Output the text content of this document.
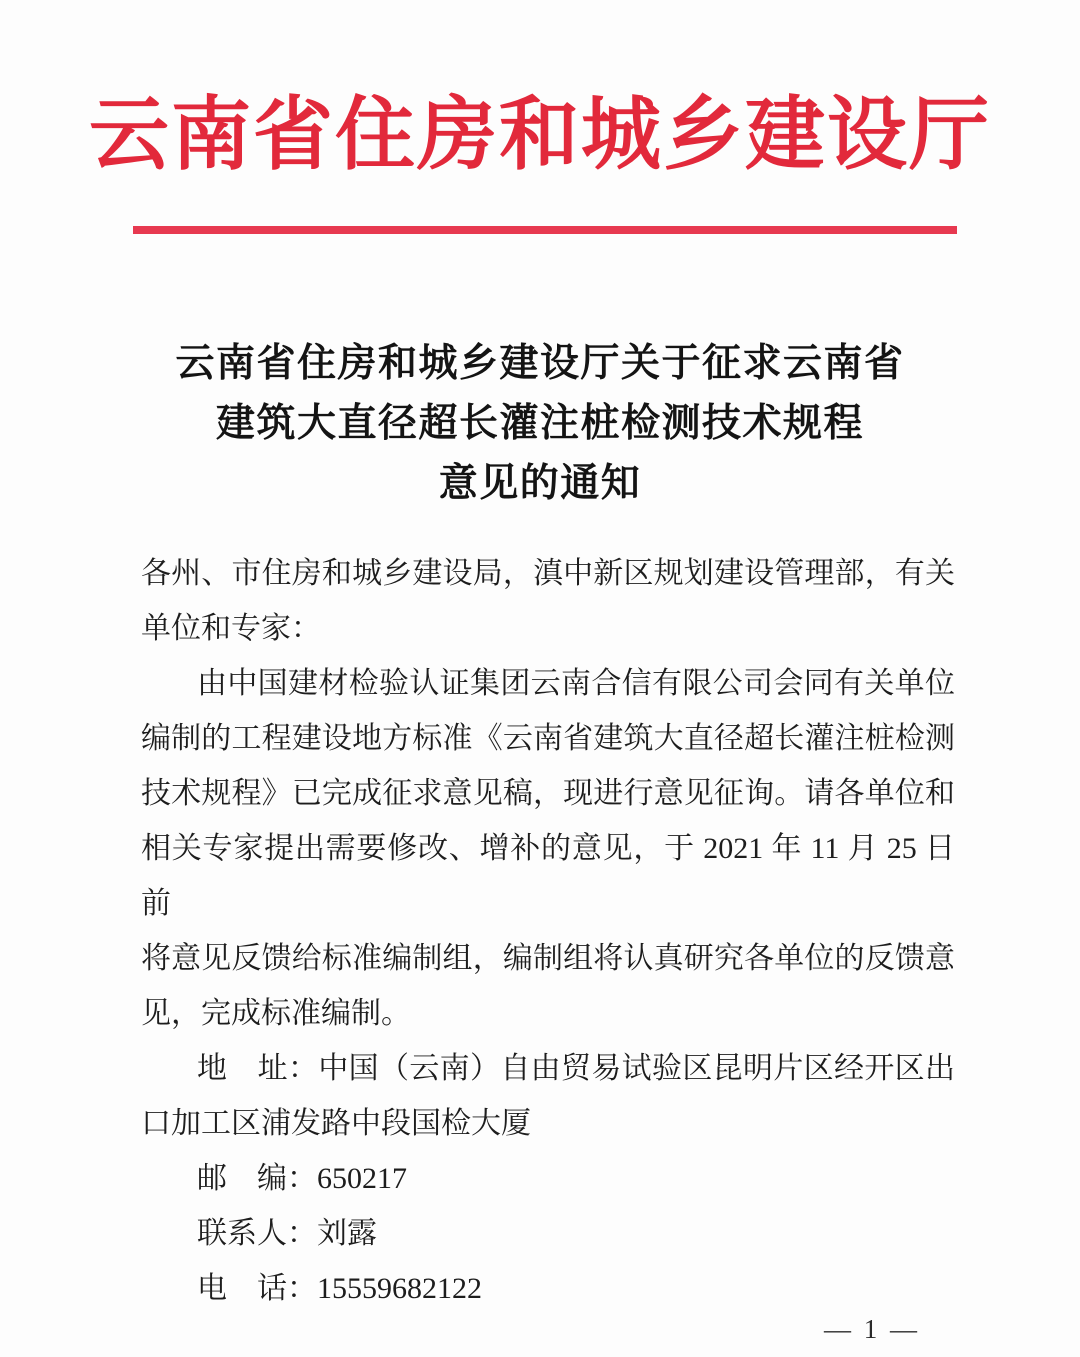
云南省住房和城乡建设厅
云南省住房和城乡建设厅关于征求云南省
建筑大直径超长灌注桩检测技术规程
意见的通知
各州、市住房和城乡建设局，滇中新区规划建设管理部，有关
单位和专家：
由中国建材检验认证集团云南合信有限公司会同有关单位
编制的工程建设地方标准《云南省建筑大直径超长灌注桩检测
技术规程》已完成征求意见稿，现进行意见征询。请各单位和
相关专家提出需要修改、增补的意见，于 2021 年 11 月 25 日前
将意见反馈给标准编制组，编制组将认真研究各单位的反馈意
见，完成标准编制。
地　址：中国（云南）自由贸易试验区昆明片区经开区出
口加工区浦发路中段国检大厦
邮　编：650217
联系人：刘露
电　话：15559682122
— 1 —
